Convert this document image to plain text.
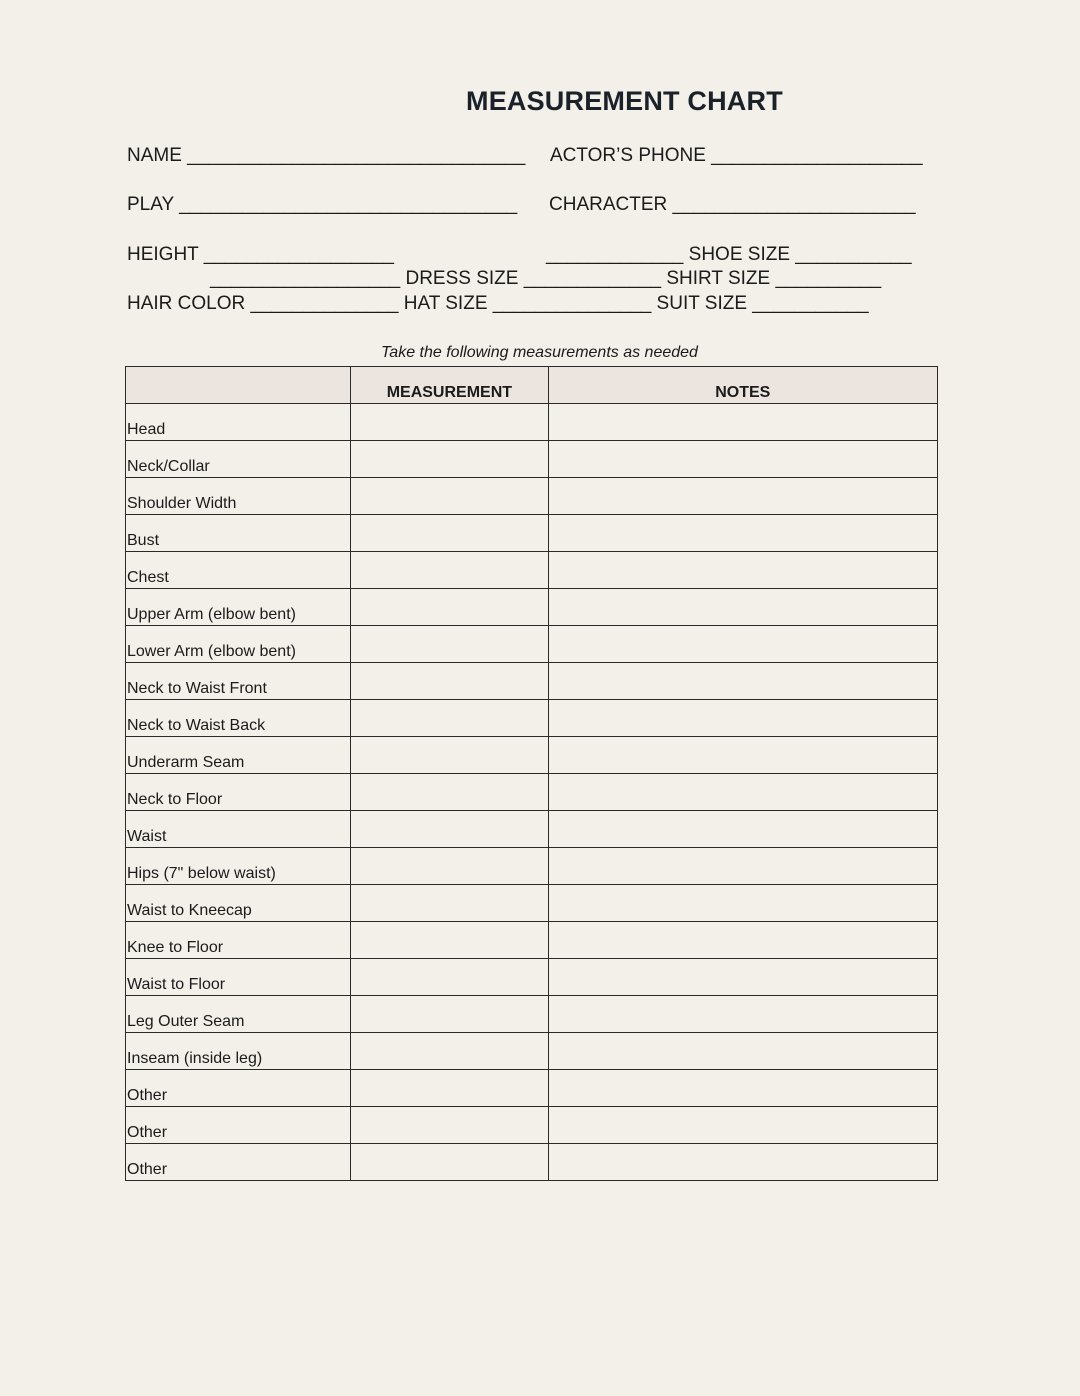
MEASUREMENT CHART
NAME ________________________________ ACTOR’S PHONE ____________________
PLAY ________________________________ CHARACTER _______________________
HEIGHT __________________	_____________ SHOE SIZE ___________
__________________ DRESS SIZE _____________ SHIRT SIZE __________
HAIR COLOR ______________ HAT SIZE _______________ SUIT SIZE ___________
Take the following measurements as needed
	MEASUREMENT	NOTES
Head		
Neck/Collar		
Shoulder Width		
Bust		
Chest		
Upper Arm (elbow bent)		
Lower Arm (elbow bent)		
Neck to Waist Front		
Neck to Waist Back		
Underarm Seam		
Neck to Floor		
Waist		
Hips (7" below waist)		
Waist to Kneecap		
Knee to Floor		
Waist to Floor		
Leg Outer Seam		
Inseam (inside leg)		
Other		
Other		
Other		
